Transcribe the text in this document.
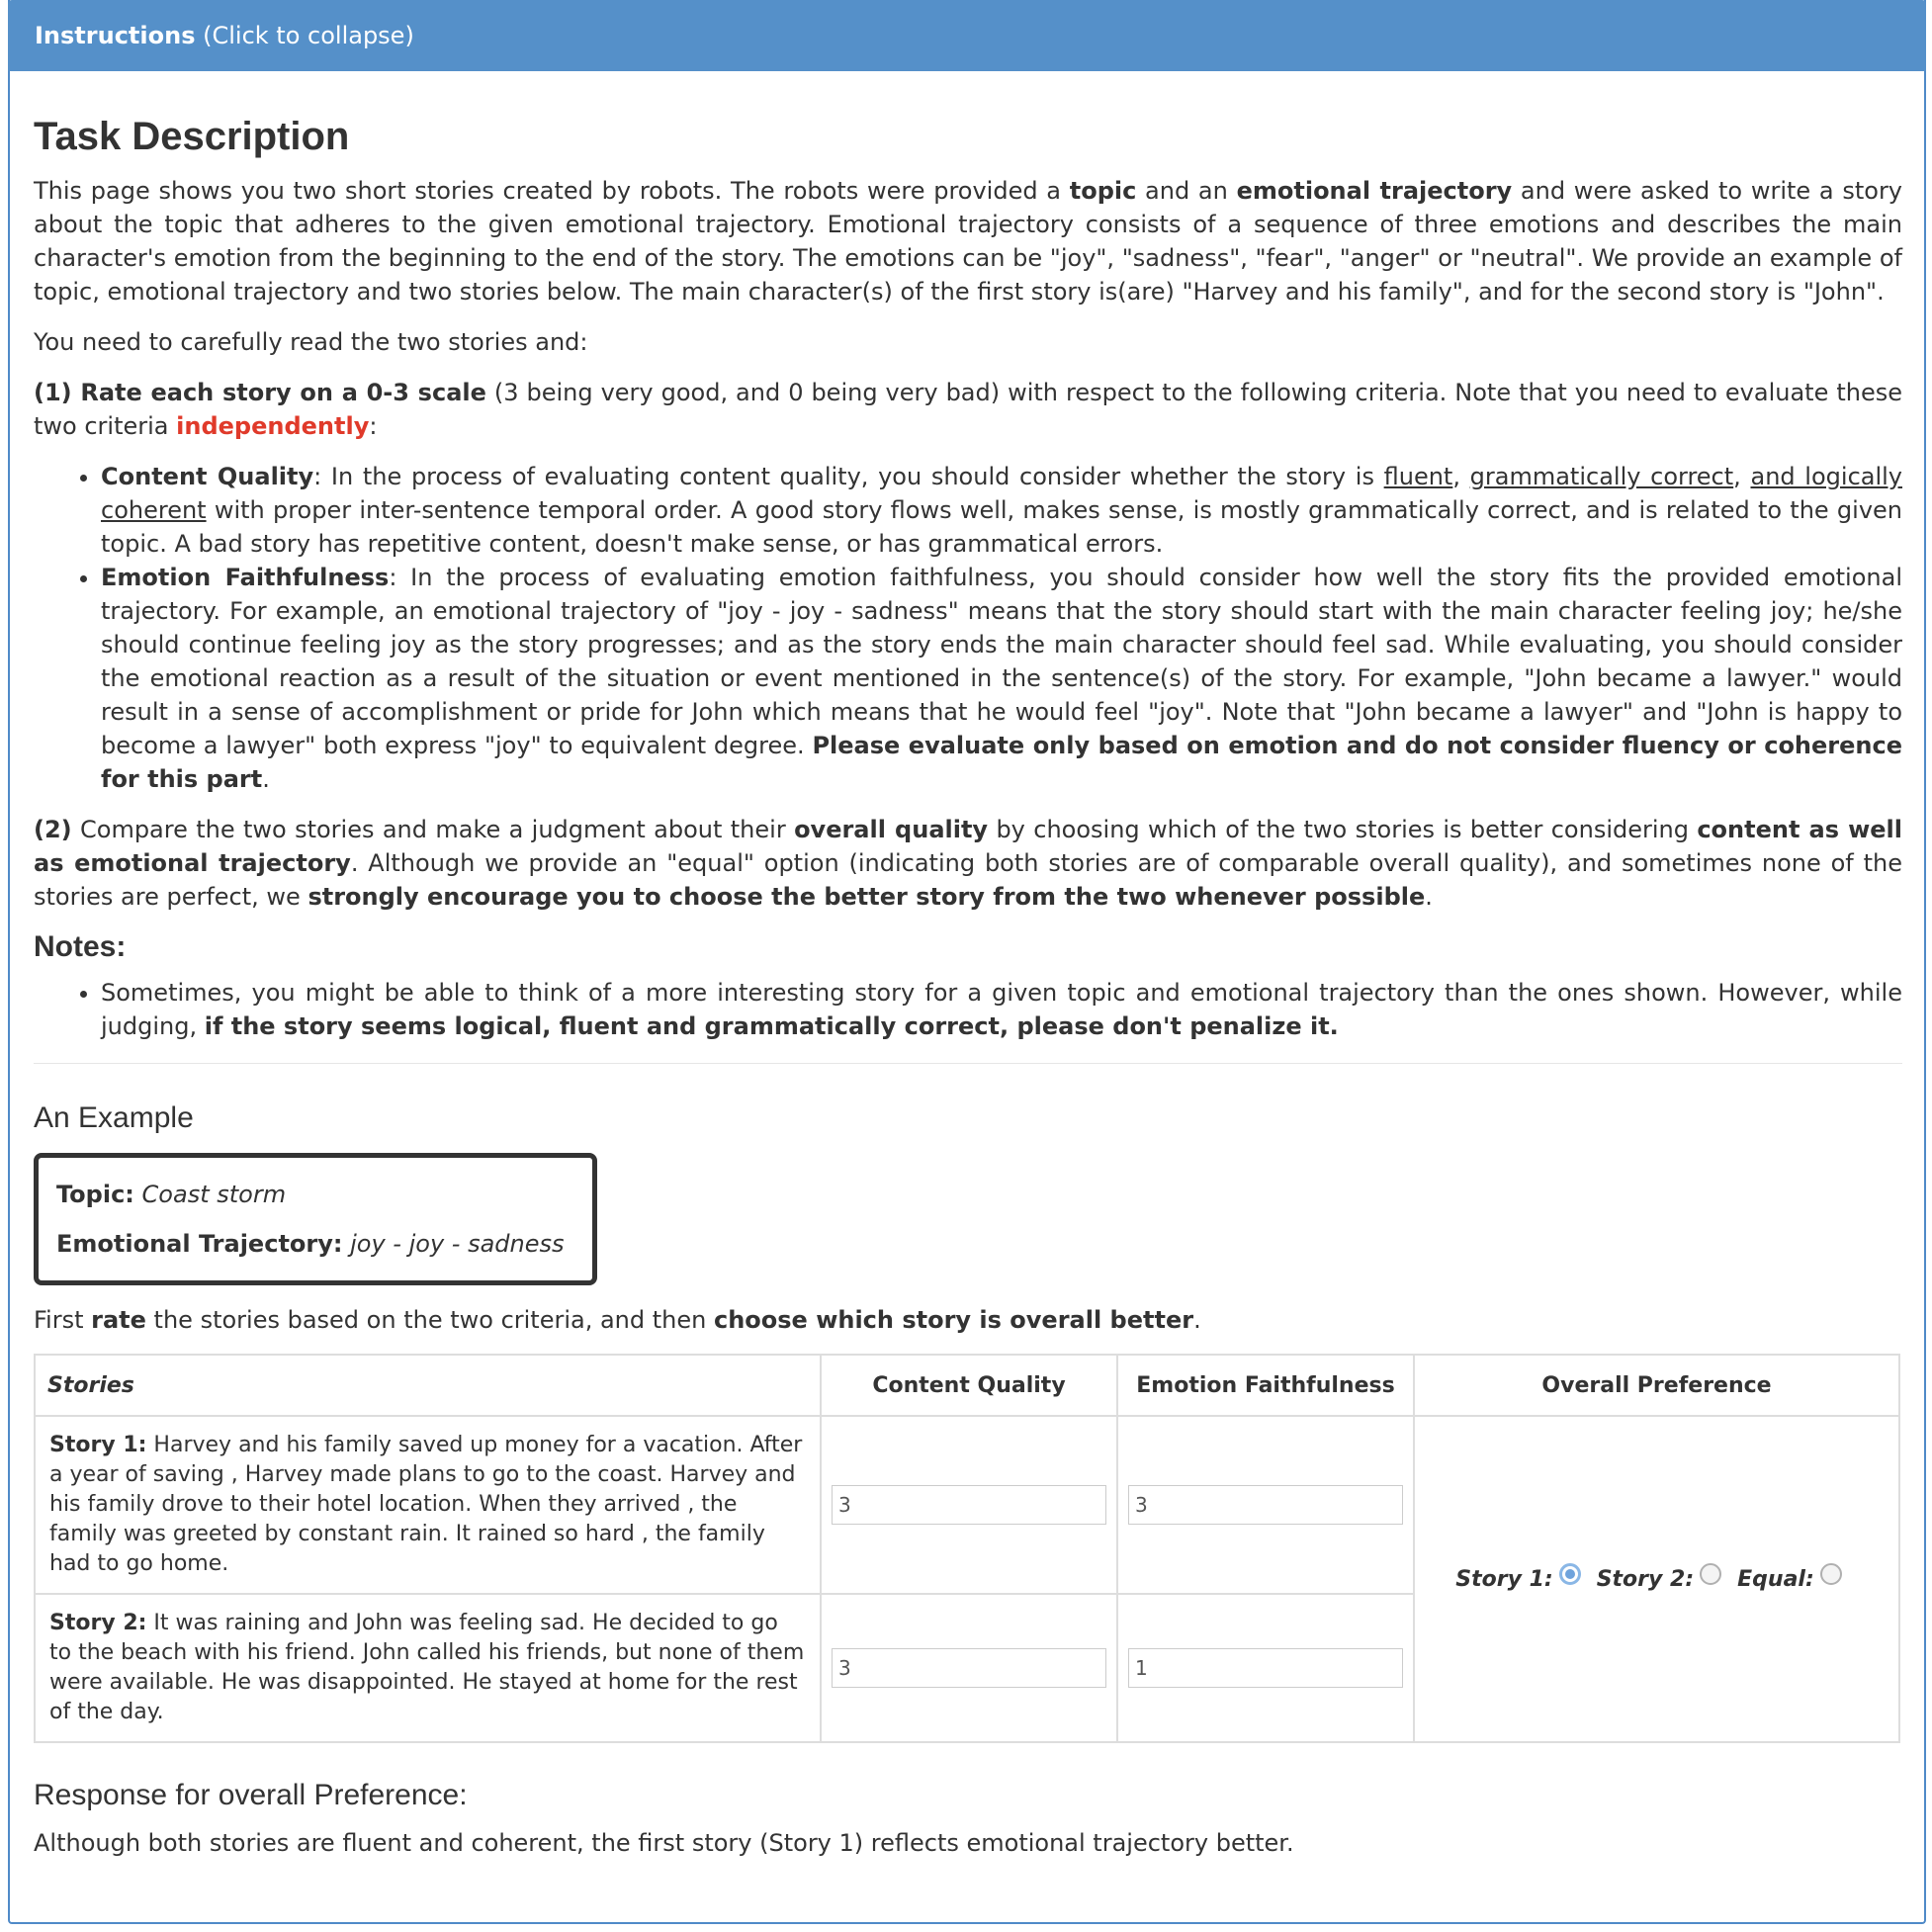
Instructions (Click to collapse)
Task Description

This page shows you two short stories created by robots. The robots were provided a topic and an emotional trajectory and were asked to write a story about the topic that adheres to the given emotional trajectory. Emotional trajectory consists of a sequence of three emotions and describes the main character's emotion from the beginning to the end of the story. The emotions can be "joy", "sadness", "fear", "anger" or "neutral". We provide an example of topic, emotional trajectory and two stories below. The main character(s) of the first story is(are) "Harvey and his family", and for the second story is "John".

You need to carefully read the two stories and:

(1) Rate each story on a 0-3 scale (3 being very good, and 0 being very bad) with respect to the following criteria. Note that you need to evaluate these two criteria independently:

• Content Quality: In the process of evaluating content quality, you should consider whether the story is fluent, grammatically correct, and logically coherent with proper inter-sentence temporal order. A good story flows well, makes sense, is mostly grammatically correct, and is related to the given topic. A bad story has repetitive content, doesn't make sense, or has grammatical errors.
• Emotion Faithfulness: In the process of evaluating emotion faithfulness, you should consider how well the story fits the provided emotional trajectory. For example, an emotional trajectory of "joy - joy - sadness" means that the story should start with the main character feeling joy; he/she should continue feeling joy as the story progresses; and as the story ends the main character should feel sad. While evaluating, you should consider the emotional reaction as a result of the situation or event mentioned in the sentence(s) of the story. For example, "John became a lawyer." would result in a sense of accomplishment or pride for John which means that he would feel "joy". Note that "John became a lawyer" and "John is happy to become a lawyer" both express "joy" to equivalent degree. Please evaluate only based on emotion and do not consider fluency or coherence for this part.

(2) Compare the two stories and make a judgment about their overall quality by choosing which of the two stories is better considering content as well as emotional trajectory. Although we provide an "equal" option (indicating both stories are of comparable overall quality), and sometimes none of the stories are perfect, we strongly encourage you to choose the better story from the two whenever possible.

Notes:
• Sometimes, you might be able to think of a more interesting story for a given topic and emotional trajectory than the ones shown. However, while judging, if the story seems logical, fluent and grammatically correct, please don't penalize it.
An Example

Topic: Coast storm

Emotional Trajectory: joy - joy - sadness

First rate the stories based on the two criteria, and then choose which story is overall better.

Stories	Content Quality	Emotion Faithfulness	Overall Preference
Story 1: Harvey and his family saved up money for a vacation. After a year of saving , Harvey made plans to go to the coast. Harvey and his family drove to their hotel location. When they arrived , the family was greeted by constant rain. It rained so hard , the family had to go home.	3	3	Story 1: Story 2: Equal:
Story 2: It was raining and John was feeling sad. He decided to go to the beach with his friend. John called his friends, but none of them were available. He was disappointed. He stayed at home for the rest of the day.	3	1	
Response for overall Preference:

Although both stories are fluent and coherent, the first story (Story 1) reflects emotional trajectory better.
